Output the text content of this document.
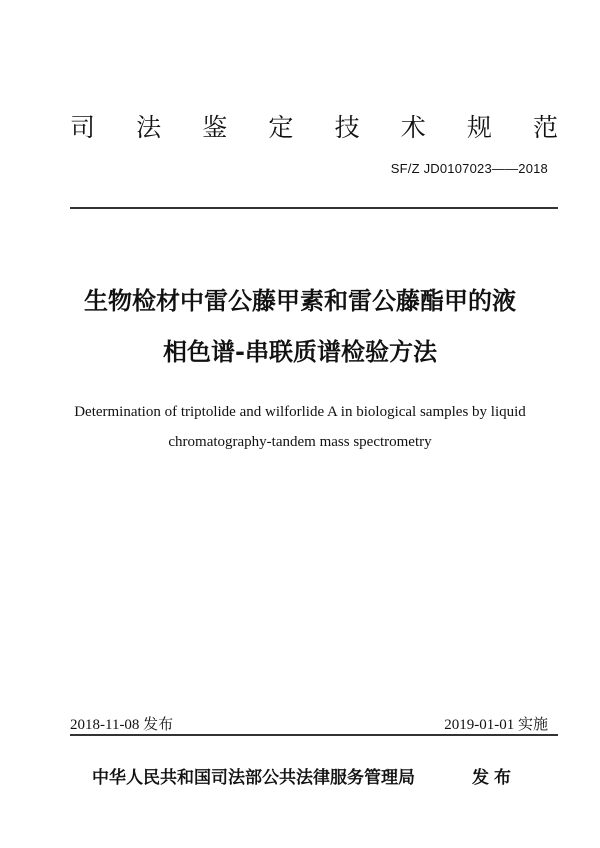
司 法 鉴 定 技 术 规 范
SF/Z JD0107023——2018
生物检材中雷公藤甲素和雷公藤酯甲的液
相色谱-串联质谱检验方法
Determination of triptolide and wilforlide A in biological samples by liquid
chromatography-tandem mass spectrometry
2018-11-08 发布	2019-01-01 实施
中华人民共和国司法部公共法律服务管理局	发布
